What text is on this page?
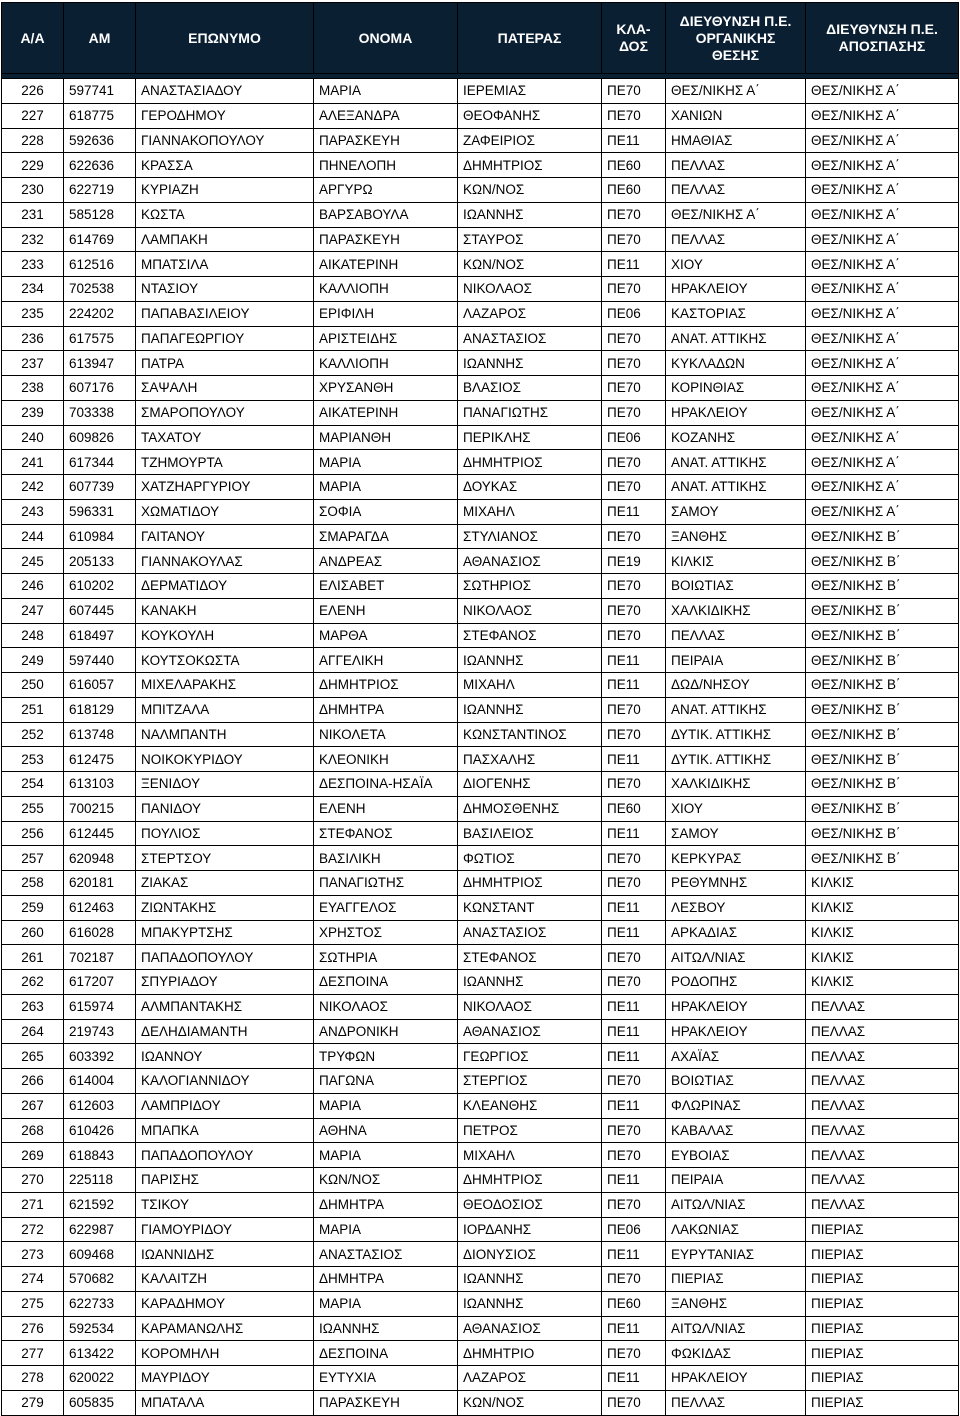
Α/Α	ΑΜ	ΕΠΩΝΥΜΟ	ΟΝΟΜΑ	ΠΑΤΕΡΑΣ	ΚΛΑ-
ΔΟΣ	ΔΙΕΥΘΥΝΣΗ Π.Ε.
ΟΡΓΑΝΙΚΗΣ
ΘΕΣΗΣ	ΔΙΕΥΘΥΝΣΗ Π.Ε.
ΑΠΟΣΠΑΣΗΣ

226	597741	ΑΝΑΣΤΑΣΙΑΔΟΥ	ΜΑΡΙΑ	ΙΕΡΕΜΙΑΣ	ΠΕ70	ΘΕΣ/ΝΙΚΗΣ Α΄	ΘΕΣ/ΝΙΚΗΣ Α΄
227	618775	ΓΕΡΟΔΗΜΟΥ	ΑΛΕΞΑΝΔΡΑ	ΘΕΟΦΑΝΗΣ	ΠΕ70	ΧΑΝΙΩΝ	ΘΕΣ/ΝΙΚΗΣ Α΄
228	592636	ΓΙΑΝΝΑΚΟΠΟΥΛΟΥ	ΠΑΡΑΣΚΕΥΗ	ΖΑΦΕΙΡΙΟΣ	ΠΕ11	ΗΜΑΘΙΑΣ	ΘΕΣ/ΝΙΚΗΣ Α΄
229	622636	ΚΡΑΣΣΑ	ΠΗΝΕΛΟΠΗ	ΔΗΜΗΤΡΙΟΣ	ΠΕ60	ΠΕΛΛΑΣ	ΘΕΣ/ΝΙΚΗΣ Α΄
230	622719	ΚΥΡΙΑΖΗ	ΑΡΓΥΡΩ	ΚΩΝ/ΝΟΣ	ΠΕ60	ΠΕΛΛΑΣ	ΘΕΣ/ΝΙΚΗΣ Α΄
231	585128	ΚΩΣΤΑ	ΒΑΡΣΑΒΟΥΛΑ	ΙΩΑΝΝΗΣ	ΠΕ70	ΘΕΣ/ΝΙΚΗΣ Α΄	ΘΕΣ/ΝΙΚΗΣ Α΄
232	614769	ΛΑΜΠΑΚΗ	ΠΑΡΑΣΚΕΥΗ	ΣΤΑΥΡΟΣ	ΠΕ70	ΠΕΛΛΑΣ	ΘΕΣ/ΝΙΚΗΣ Α΄
233	612516	ΜΠΑΤΣΙΛΑ	ΑΙΚΑΤΕΡΙΝΗ	ΚΩΝ/ΝΟΣ	ΠΕ11	ΧΙΟΥ	ΘΕΣ/ΝΙΚΗΣ Α΄
234	702538	ΝΤΑΣΙΟΥ	ΚΑΛΛΙΟΠΗ	ΝΙΚΟΛΑΟΣ	ΠΕ70	ΗΡΑΚΛΕΙΟΥ	ΘΕΣ/ΝΙΚΗΣ Α΄
235	224202	ΠΑΠΑΒΑΣΙΛΕΙΟΥ	ΕΡΙΦΙΛΗ	ΛΑΖΑΡΟΣ	ΠΕ06	ΚΑΣΤΟΡΙΑΣ	ΘΕΣ/ΝΙΚΗΣ Α΄
236	617575	ΠΑΠΑΓΕΩΡΓΙΟΥ	ΑΡΙΣΤΕΙΔΗΣ	ΑΝΑΣΤΑΣΙΟΣ	ΠΕ70	ΑΝΑΤ. ΑΤΤΙΚΗΣ	ΘΕΣ/ΝΙΚΗΣ Α΄
237	613947	ΠΑΤΡΑ	ΚΑΛΛΙΟΠΗ	ΙΩΑΝΝΗΣ	ΠΕ70	ΚΥΚΛΑΔΩΝ	ΘΕΣ/ΝΙΚΗΣ Α΄
238	607176	ΣΑΨΑΛΗ	ΧΡΥΣΑΝΘΗ	ΒΛΑΣΙΟΣ	ΠΕ70	ΚΟΡΙΝΘΙΑΣ	ΘΕΣ/ΝΙΚΗΣ Α΄
239	703338	ΣΜΑΡΟΠΟΥΛΟΥ	ΑΙΚΑΤΕΡΙΝΗ	ΠΑΝΑΓΙΩΤΗΣ	ΠΕ70	ΗΡΑΚΛΕΙΟΥ	ΘΕΣ/ΝΙΚΗΣ Α΄
240	609826	ΤΑΧΑΤΟΥ	ΜΑΡΙΑΝΘΗ	ΠΕΡΙΚΛΗΣ	ΠΕ06	ΚΟΖΑΝΗΣ	ΘΕΣ/ΝΙΚΗΣ Α΄
241	617344	ΤΖΗΜΟΥΡΤΑ	ΜΑΡΙΑ	ΔΗΜΗΤΡΙΟΣ	ΠΕ70	ΑΝΑΤ. ΑΤΤΙΚΗΣ	ΘΕΣ/ΝΙΚΗΣ Α΄
242	607739	ΧΑΤΖΗΑΡΓΥΡΙΟΥ	ΜΑΡΙΑ	ΔΟΥΚΑΣ	ΠΕ70	ΑΝΑΤ. ΑΤΤΙΚΗΣ	ΘΕΣ/ΝΙΚΗΣ Α΄
243	596331	ΧΩΜΑΤΙΔΟΥ	ΣΟΦΙΑ	ΜΙΧΑΗΛ	ΠΕ11	ΣΑΜΟΥ	ΘΕΣ/ΝΙΚΗΣ Α΄
244	610984	ΓΑΙΤΑΝΟΥ	ΣΜΑΡΑΓΔΑ	ΣΤΥΛΙΑΝΟΣ	ΠΕ70	ΞΑΝΘΗΣ	ΘΕΣ/ΝΙΚΗΣ Β΄
245	205133	ΓΙΑΝΝΑΚΟΥΛΑΣ	ΑΝΔΡΕΑΣ	ΑΘΑΝΑΣΙΟΣ	ΠΕ19	ΚΙΛΚΙΣ	ΘΕΣ/ΝΙΚΗΣ Β΄
246	610202	ΔΕΡΜΑΤΙΔΟΥ	ΕΛΙΣΑΒΕΤ	ΣΩΤΗΡΙΟΣ	ΠΕ70	ΒΟΙΩΤΙΑΣ	ΘΕΣ/ΝΙΚΗΣ Β΄
247	607445	ΚΑΝΑΚΗ	ΕΛΕΝΗ	ΝΙΚΟΛΑΟΣ	ΠΕ70	ΧΑΛΚΙΔΙΚΗΣ	ΘΕΣ/ΝΙΚΗΣ Β΄
248	618497	ΚΟΥΚΟΥΛΗ	ΜΑΡΘΑ	ΣΤΕΦΑΝΟΣ	ΠΕ70	ΠΕΛΛΑΣ	ΘΕΣ/ΝΙΚΗΣ Β΄
249	597440	ΚΟΥΤΣΟΚΩΣΤΑ	ΑΓΓΕΛΙΚΗ	ΙΩΑΝΝΗΣ	ΠΕ11	ΠΕΙΡΑΙΑ	ΘΕΣ/ΝΙΚΗΣ Β΄
250	616057	ΜΙΧΕΛΑΡΑΚΗΣ	ΔΗΜΗΤΡΙΟΣ	ΜΙΧΑΗΛ	ΠΕ11	ΔΩΔ/ΝΗΣΟΥ	ΘΕΣ/ΝΙΚΗΣ Β΄
251	618129	ΜΠΙΤΖΑΛΑ	ΔΗΜΗΤΡΑ	ΙΩΑΝΝΗΣ	ΠΕ70	ΑΝΑΤ. ΑΤΤΙΚΗΣ	ΘΕΣ/ΝΙΚΗΣ Β΄
252	613748	ΝΑΛΜΠΑΝΤΗ	ΝΙΚΟΛΕΤΑ	ΚΩΝΣΤΑΝΤΙΝΟΣ	ΠΕ70	ΔΥΤΙΚ. ΑΤΤΙΚΗΣ	ΘΕΣ/ΝΙΚΗΣ Β΄
253	612475	ΝΟΙΚΟΚΥΡΙΔΟΥ	ΚΛΕΟΝΙΚΗ	ΠΑΣΧΑΛΗΣ	ΠΕ11	ΔΥΤΙΚ. ΑΤΤΙΚΗΣ	ΘΕΣ/ΝΙΚΗΣ Β΄
254	613103	ΞΕΝΙΔΟΥ	ΔΕΣΠΟΙΝΑ-ΗΣΑΪΑ	ΔΙΟΓΕΝΗΣ	ΠΕ70	ΧΑΛΚΙΔΙΚΗΣ	ΘΕΣ/ΝΙΚΗΣ Β΄
255	700215	ΠΑΝΙΔΟΥ	ΕΛΕΝΗ	ΔΗΜΟΣΘΕΝΗΣ	ΠΕ60	ΧΙΟΥ	ΘΕΣ/ΝΙΚΗΣ Β΄
256	612445	ΠΟΥΛΙΟΣ	ΣΤΕΦΑΝΟΣ	ΒΑΣΙΛΕΙΟΣ	ΠΕ11	ΣΑΜΟΥ	ΘΕΣ/ΝΙΚΗΣ Β΄
257	620948	ΣΤΕΡΤΣΟΥ	ΒΑΣΙΛΙΚΗ	ΦΩΤΙΟΣ	ΠΕ70	ΚΕΡΚΥΡΑΣ	ΘΕΣ/ΝΙΚΗΣ Β΄
258	620181	ΖΙΑΚΑΣ	ΠΑΝΑΓΙΩΤΗΣ	ΔΗΜΗΤΡΙΟΣ	ΠΕ70	ΡΕΘΥΜΝΗΣ	ΚΙΛΚΙΣ
259	612463	ΖΙΩΝΤΑΚΗΣ	ΕΥΑΓΓΕΛΟΣ	ΚΩΝΣΤΑΝΤ	ΠΕ11	ΛΕΣΒΟΥ	ΚΙΛΚΙΣ
260	616028	ΜΠΑΚΥΡΤΣΗΣ	ΧΡΗΣΤΟΣ	ΑΝΑΣΤΑΣΙΟΣ	ΠΕ11	ΑΡΚΑΔΙΑΣ	ΚΙΛΚΙΣ
261	702187	ΠΑΠΑΔΟΠΟΥΛΟΥ	ΣΩΤΗΡΙΑ	ΣΤΕΦΑΝΟΣ	ΠΕ70	ΑΙΤΩΛ/ΝΙΑΣ	ΚΙΛΚΙΣ
262	617207	ΣΠΥΡΙΑΔΟΥ	ΔΕΣΠΟΙΝΑ	ΙΩΑΝΝΗΣ	ΠΕ70	ΡΟΔΟΠΗΣ	ΚΙΛΚΙΣ
263	615974	ΑΛΜΠΑΝΤΑΚΗΣ	ΝΙΚΟΛΑΟΣ	ΝΙΚΟΛΑΟΣ	ΠΕ11	ΗΡΑΚΛΕΙΟΥ	ΠΕΛΛΑΣ
264	219743	ΔΕΛΗΔΙΑΜΑΝΤΗ	ΑΝΔΡΟΝΙΚΗ	ΑΘΑΝΑΣΙΟΣ	ΠΕ11	ΗΡΑΚΛΕΙΟΥ	ΠΕΛΛΑΣ
265	603392	ΙΩΑΝΝΟΥ	ΤΡΥΦΩΝ	ΓΕΩΡΓΙΟΣ	ΠΕ11	ΑΧΑΪΑΣ	ΠΕΛΛΑΣ
266	614004	ΚΑΛΟΓΙΑΝΝΙΔΟΥ	ΠΑΓΩΝΑ	ΣΤΕΡΓΙΟΣ	ΠΕ70	ΒΟΙΩΤΙΑΣ	ΠΕΛΛΑΣ
267	612603	ΛΑΜΠΡΙΔΟΥ	ΜΑΡΙΑ	ΚΛΕΑΝΘΗΣ	ΠΕ11	ΦΛΩΡΙΝΑΣ	ΠΕΛΛΑΣ
268	610426	ΜΠΑΠΚΑ	ΑΘΗΝΑ	ΠΕΤΡΟΣ	ΠΕ70	ΚΑΒΑΛΑΣ	ΠΕΛΛΑΣ
269	618843	ΠΑΠΑΔΟΠΟΥΛΟΥ	ΜΑΡΙΑ	ΜΙΧΑΗΛ	ΠΕ70	ΕΥΒΟΙΑΣ	ΠΕΛΛΑΣ
270	225118	ΠΑΡΙΣΗΣ	ΚΩΝ/ΝΟΣ	ΔΗΜΗΤΡΙΟΣ	ΠΕ11	ΠΕΙΡΑΙΑ	ΠΕΛΛΑΣ
271	621592	ΤΣΙΚΟΥ	ΔΗΜΗΤΡΑ	ΘΕΟΔΟΣΙΟΣ	ΠΕ70	ΑΙΤΩΛ/ΝΙΑΣ	ΠΕΛΛΑΣ
272	622987	ΓΙΑΜΟΥΡΙΔΟΥ	ΜΑΡΙΑ	ΙΟΡΔΑΝΗΣ	ΠΕ06	ΛΑΚΩΝΙΑΣ	ΠΙΕΡΙΑΣ
273	609468	ΙΩΑΝΝΙΔΗΣ	ΑΝΑΣΤΑΣΙΟΣ	ΔΙΟΝΥΣΙΟΣ	ΠΕ11	ΕΥΡΥΤΑΝΙΑΣ	ΠΙΕΡΙΑΣ
274	570682	ΚΑΛΑΙΤΖΗ	ΔΗΜΗΤΡΑ	ΙΩΑΝΝΗΣ	ΠΕ70	ΠΙΕΡΙΑΣ	ΠΙΕΡΙΑΣ
275	622733	ΚΑΡΑΔΗΜΟΥ	ΜΑΡΙΑ	ΙΩΑΝΝΗΣ	ΠΕ60	ΞΑΝΘΗΣ	ΠΙΕΡΙΑΣ
276	592534	ΚΑΡΑΜΑΝΩΛΗΣ	ΙΩΑΝΝΗΣ	ΑΘΑΝΑΣΙΟΣ	ΠΕ11	ΑΙΤΩΛ/ΝΙΑΣ	ΠΙΕΡΙΑΣ
277	613422	ΚΟΡΟΜΗΛΗ	ΔΕΣΠΟΙΝΑ	ΔΗΜΗΤΡΙΟ	ΠΕ70	ΦΩΚΙΔΑΣ	ΠΙΕΡΙΑΣ
278	620022	ΜΑΥΡΙΔΟΥ	ΕΥΤΥΧΙΑ	ΛΑΖΑΡΟΣ	ΠΕ11	ΗΡΑΚΛΕΙΟΥ	ΠΙΕΡΙΑΣ
279	605835	ΜΠΑΤΑΛΑ	ΠΑΡΑΣΚΕΥΗ	ΚΩΝ/ΝΟΣ	ΠΕ70	ΠΕΛΛΑΣ	ΠΙΕΡΙΑΣ
